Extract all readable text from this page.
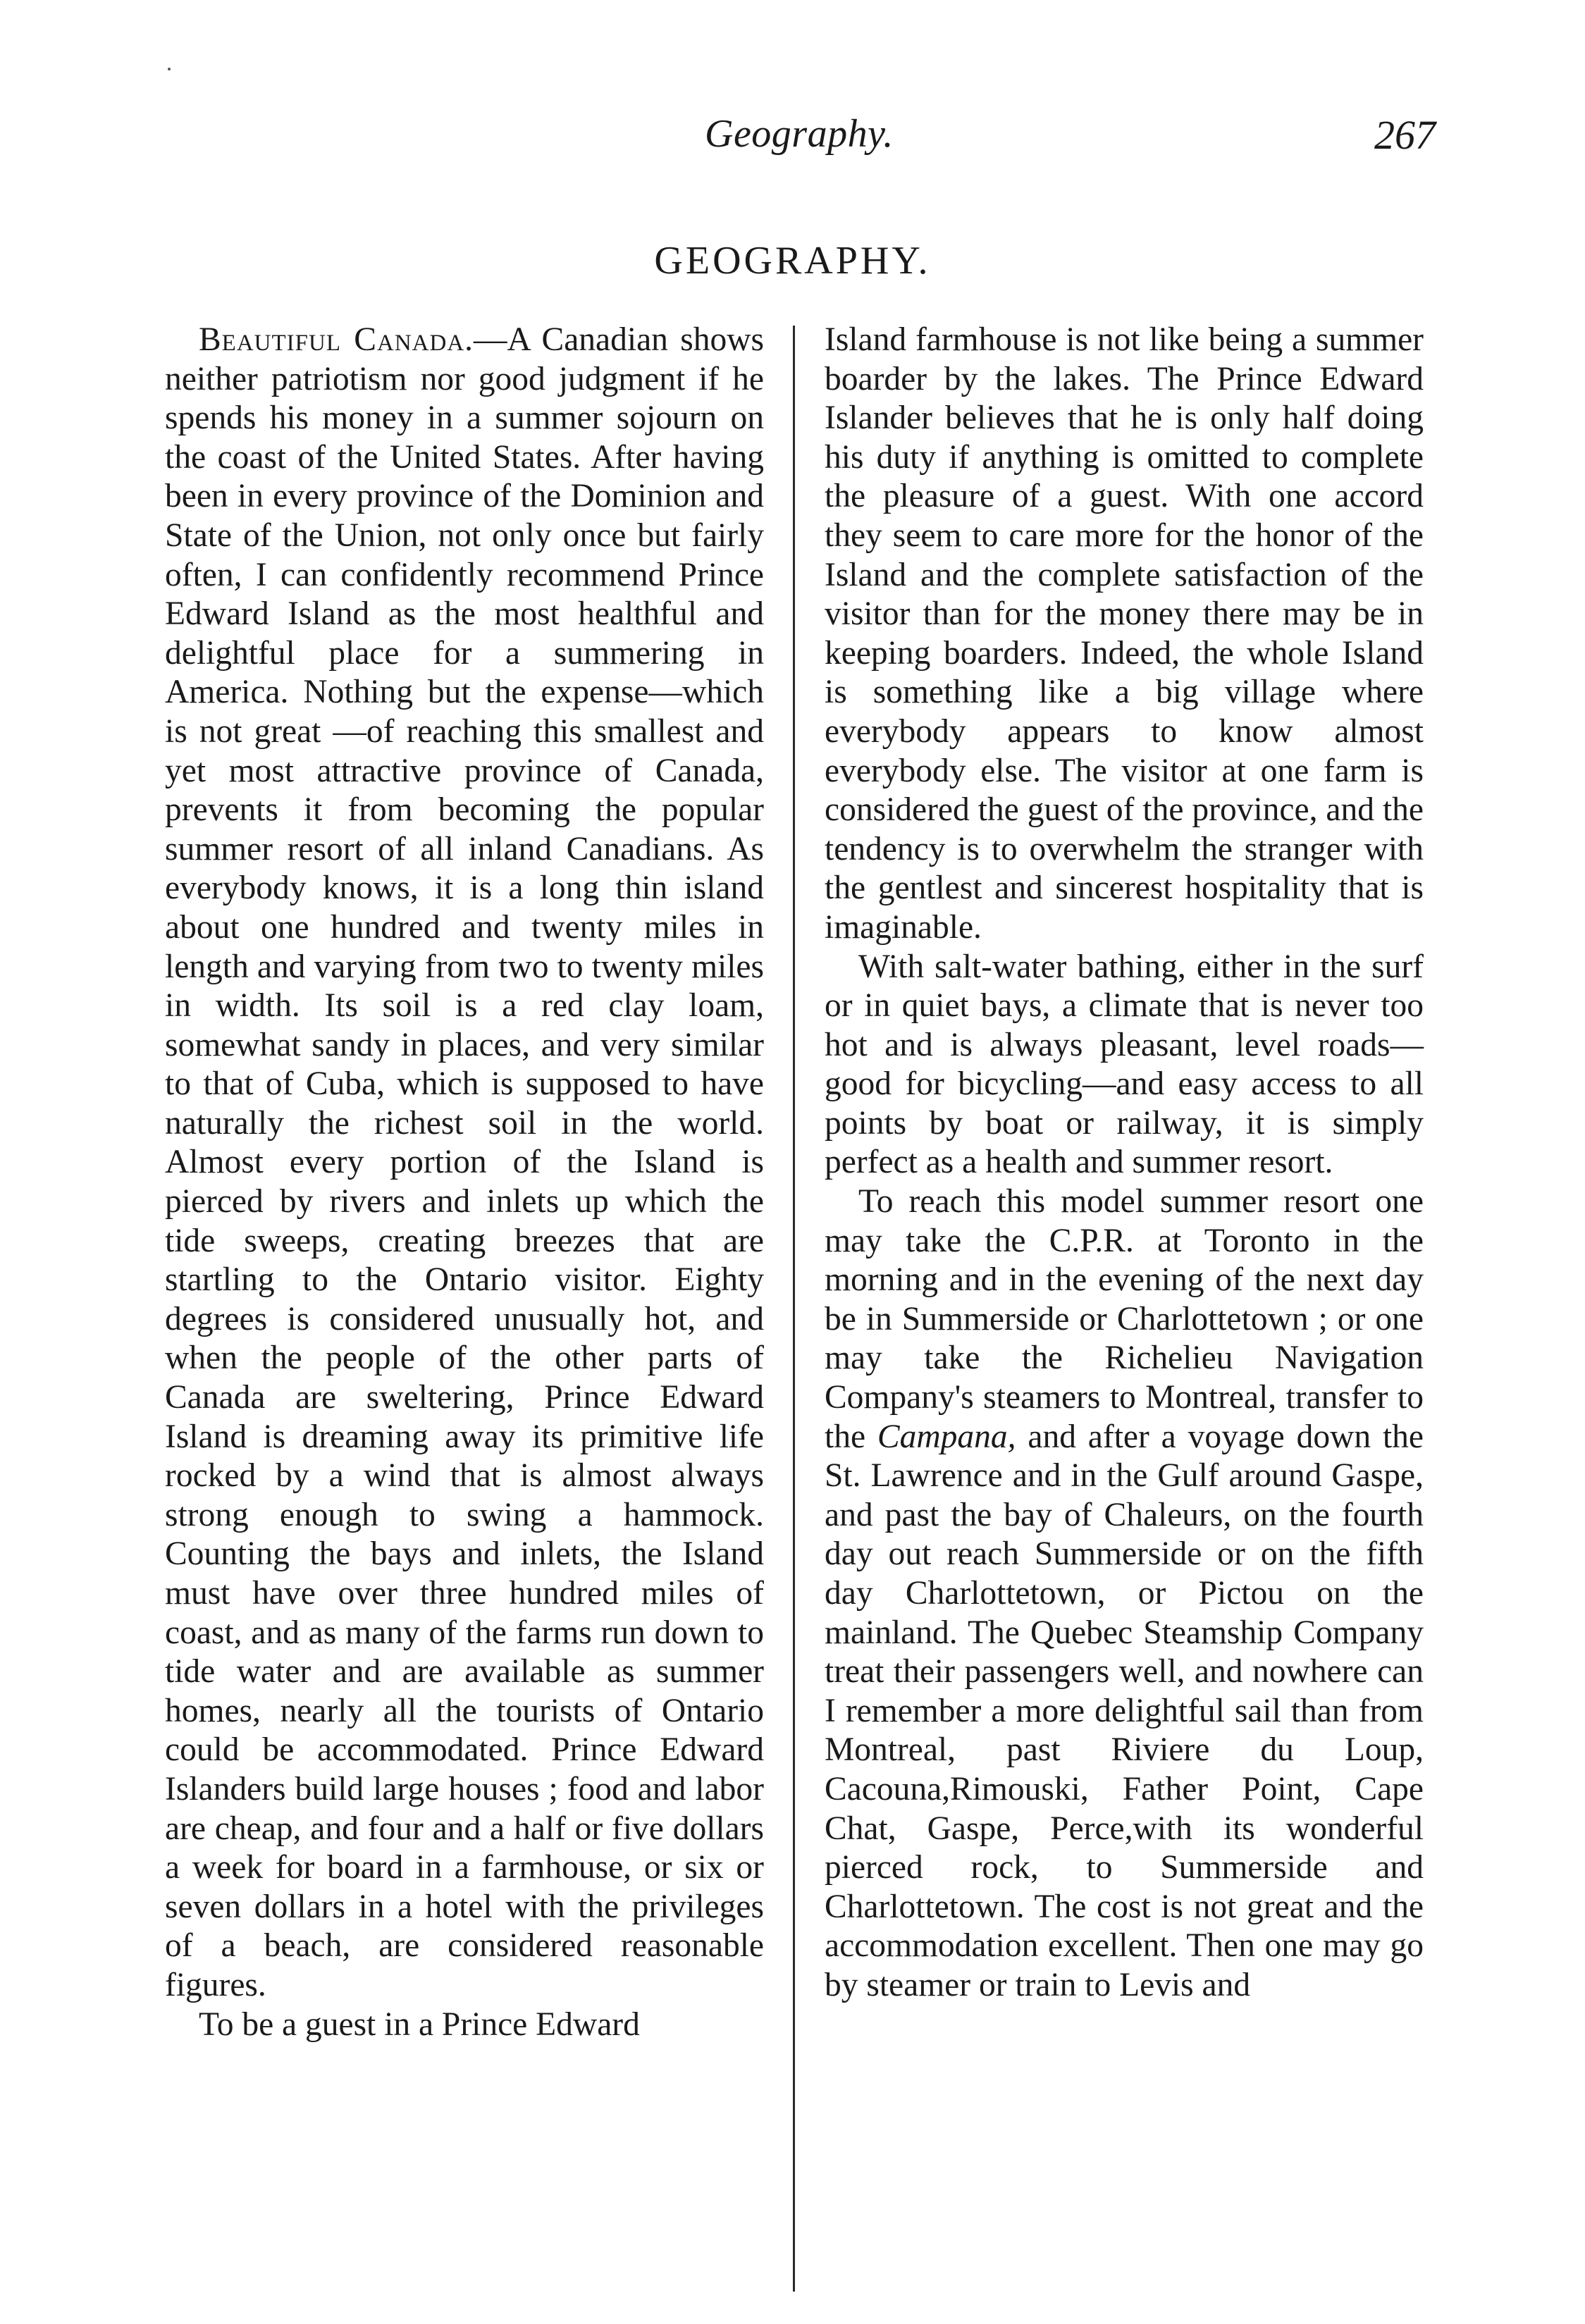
Geography.	267
GEOGRAPHY.

Beautiful Canada.—A Canadian shows neither patriotism nor good judgment if he spends his money in a summer sojourn on the coast of the United States. After having been in every province of the Dominion and State of the Union, not only once but fairly often, I can confidently recommend Prince Edward Island as the most healthful and delightful place for a summering in America. Nothing but the expense—which is not great —of reaching this smallest and yet most attractive province of Canada, prevents it from becoming the popular summer resort of all inland Canadians. As everybody knows, it is a long thin island about one hundred and twenty miles in length and varying from two to twenty miles in width. Its soil is a red clay loam, somewhat sandy in places, and very similar to that of Cuba, which is supposed to have naturally the richest soil in the world. Almost every portion of the Island is pierced by rivers and inlets up which the tide sweeps, creating breezes that are startling to the Ontario visitor. Eighty degrees is considered unusually hot, and when the people of the other parts of Canada are sweltering, Prince Edward Island is dreaming away its primitive life rocked by a wind that is almost always strong enough to swing a hammock. Counting the bays and inlets, the Island must have over three hundred miles of coast, and as many of the farms run down to tide water and are available as summer homes, nearly all the tourists of Ontario could be accommodated. Prince Edward Islanders build large houses ; food and labor are cheap, and four and a half or five dollars a week for board in a farmhouse, or six or seven dollars in a hotel with the privileges of a beach, are considered reasonable figures.

To be a guest in a Prince Edward

Island farmhouse is not like being a summer boarder by the lakes. The Prince Edward Islander believes that he is only half doing his duty if anything is omitted to complete the pleasure of a guest. With one accord they seem to care more for the honor of the Island and the complete satisfaction of the visitor than for the money there may be in keeping boarders. Indeed, the whole Island is something like a big village where everybody appears to know almost everybody else. The visitor at one farm is considered the guest of the province, and the tendency is to overwhelm the stranger with the gentlest and sincerest hospitality that is imaginable.

With salt-water bathing, either in the surf or in quiet bays, a climate that is never too hot and is always pleasant, level roads—good for bicycling—and easy access to all points by boat or railway, it is simply perfect as a health and summer resort.

To reach this model summer resort one may take the C.P.R. at Toronto in the morning and in the evening of the next day be in Summerside or Charlottetown ; or one may take the Richelieu Navigation Company's steamers to Montreal, transfer to the Campana, and after a voyage down the St. Lawrence and in the Gulf around Gaspe, and past the bay of Chaleurs, on the fourth day out reach Summerside or on the fifth day Charlottetown, or Pictou on the mainland. The Quebec Steamship Company treat their passengers well, and nowhere can I remember a more delightful sail than from Montreal, past Riviere du Loup, Cacouna,Rimouski, Father Point, Cape Chat, Gaspe, Perce,with its wonderful pierced rock, to Summerside and Charlottetown. The cost is not great and the accommodation excellent. Then one may go by steamer or train to Levis and
